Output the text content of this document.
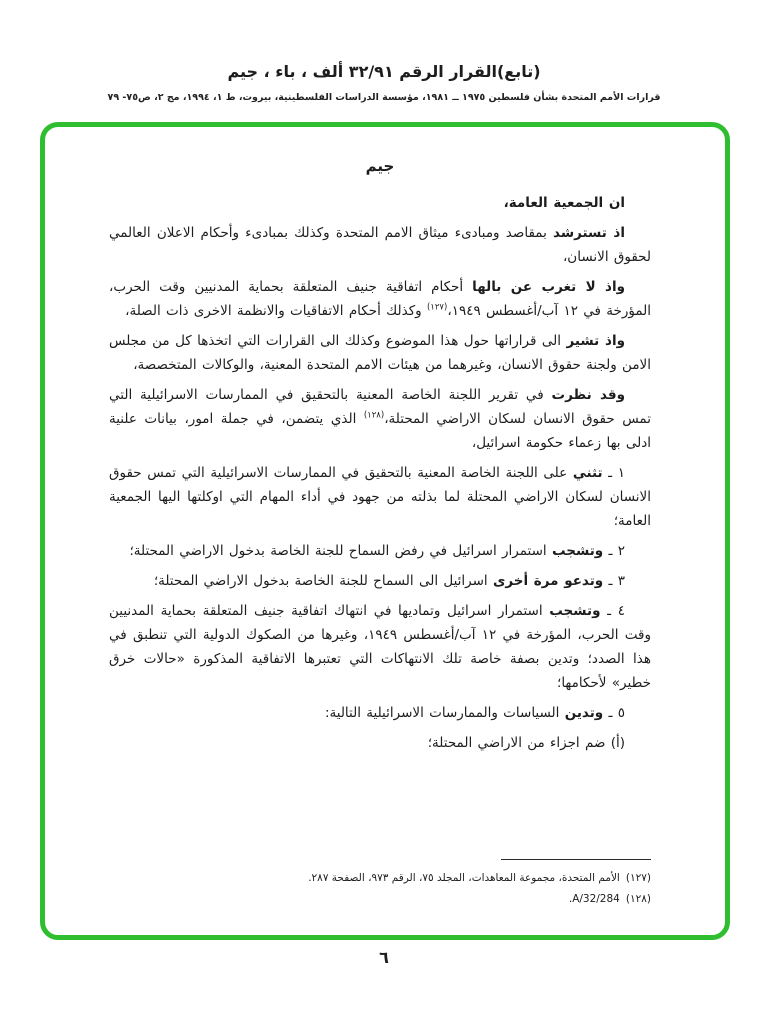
(تابع)القرار الرقم ٣٢/٩١ ألف ، باء ، جيم
قرارات الأمم المتحدة بشأن فلسطين ١٩٧٥ ــ ١٩٨١، مؤسسة الدراسات الفلسطينية، بيروت، ط ١، ١٩٩٤، مج ٢، ص٧٥- ٧٩
جيم

ان الجمعية العامة،

اذ تسترشد بمقاصد ومبادىء ميثاق الامم المتحدة وكذلك بمبادىء وأحكام الاعلان العالمي لحقوق الانسان،

واذ لا تغرب عن بالها أحكام اتفاقية جنيف المتعلقة بحماية المدنيين وقت الحرب، المؤرخة في ١٢ آب/أغسطس ١٩٤٩،$^{(١٢٧)}$ وكذلك أحكام الاتفاقيات والانظمة الاخرى ذات الصلة،

واذ تشير الى قراراتها حول هذا الموضوع وكذلك الى القرارات التي اتخذها كل من مجلس الامن ولجنة حقوق الانسان، وغيرهما من هيئات الامم المتحدة المعنية، والوكالات المتخصصة،

وقد نظرت في تقرير اللجنة الخاصة المعنية بالتحقيق في الممارسات الاسرائيلية التي تمس حقوق الانسان لسكان الاراضي المحتلة،$^{(١٢٨)}$ الذي يتضمن، في جملة امور، بيانات علنية ادلى بها زعماء حكومة اسرائيل،

١ ـ تثني على اللجنة الخاصة المعنية بالتحقيق في الممارسات الاسرائيلية التي تمس حقوق الانسان لسكان الاراضي المحتلة لما بذلته من جهود في أداء المهام التي اوكلتها اليها الجمعية العامة؛

٢ ـ وتشجب استمرار اسرائيل في رفض السماح للجنة الخاصة بدخول الاراضي المحتلة؛

٣ ـ وتدعو مرة أخرى اسرائيل الى السماح للجنة الخاصة بدخول الاراضي المحتلة؛

٤ ـ وتشجب استمرار اسرائيل وتماديها في انتهاك اتفاقية جنيف المتعلقة بحماية المدنيين وقت الحرب، المؤرخة في ١٢ آب/أغسطس ١٩٤٩، وغيرها من الصكوك الدولية التي تنطبق في هذا الصدد؛ وتدين بصفة خاصة تلك الانتهاكات التي تعتبرها الاتفاقية المذكورة «حالات خرق خطير» لأحكامها؛

٥ ـ وتدين السياسات والممارسات الاسرائيلية التالية:

(أ) ضم اجزاء من الاراضي المحتلة؛

(١٢٧)الأمم المتحدة، مجموعة المعاهدات، المجلد ٧٥، الرقم ٩٧٣، الصفحة ٢٨٧.
(١٢٨)A/32/284.
٦
